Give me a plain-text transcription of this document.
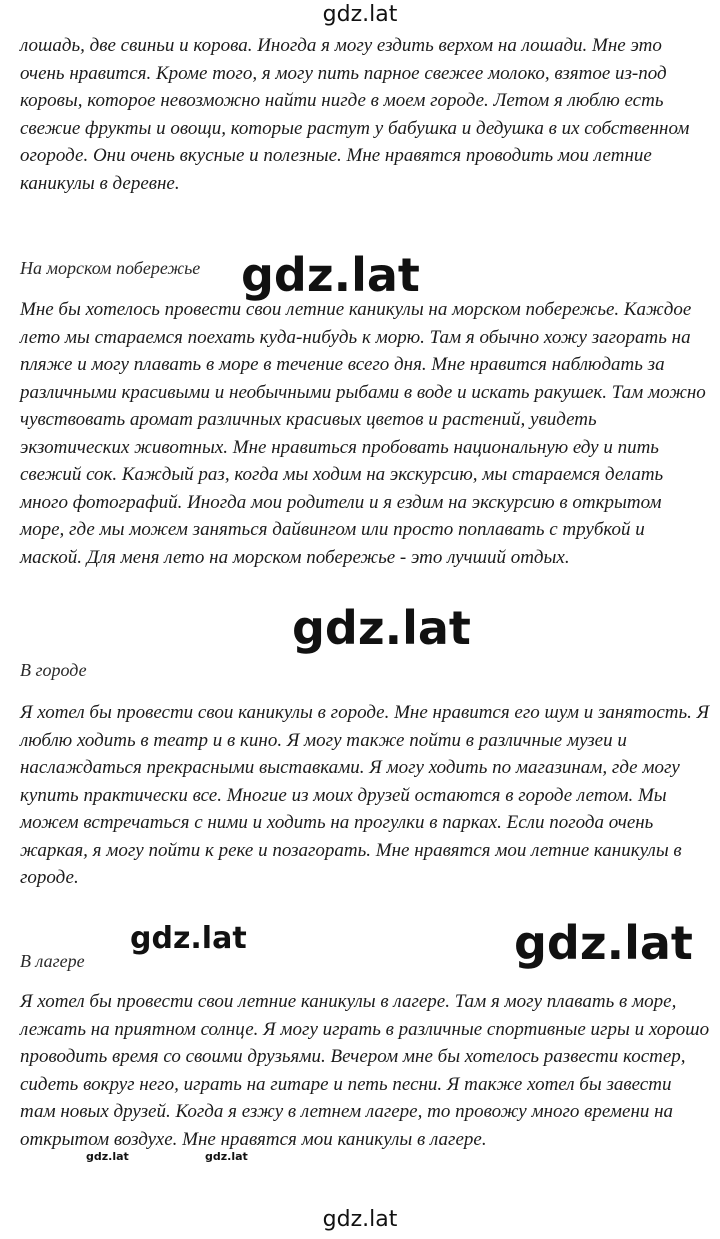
лошадь, две свиньи и корова. Иногда я могу ездить верхом на лошади. Мне это очень нравится. Кроме того, я могу пить парное свежее молоко, взятое из-под коровы, которое невозможно найти нигде в моем городе. Летом я люблю есть свежие фрукты и овощи, которые растут у бабушка и дедушка в их собственном огороде. Они очень вкусные и полезные. Мне нравятся проводить мои летние каникулы в деревне.

На морском побережье

Мне бы хотелось провести свои летние каникулы на морском побережье. Каждое лето мы стараемся поехать куда-нибудь к морю. Там я обычно хожу загорать на пляже и могу плавать в море в течение всего дня. Мне нравится наблюдать за различными красивыми и необычными рыбами в воде и искать ракушек. Там можно чувствовать аромат различных красивых цветов и растений, увидеть экзотических животных. Мне нравиться пробовать национальную еду и пить свежий сок. Каждый раз, когда мы ходим на экскурсию, мы стараемся делать много фотографий. Иногда мои родители и я ездим на экскурсию в открытом море, где мы можем заняться дайвингом или просто поплавать с трубкой и маской. Для меня лето на морском побережье - это лучший отдых.

В городе

Я хотел бы провести свои каникулы в городе. Мне нравится его шум и занятость. Я люблю ходить в театр и в кино. Я могу также пойти в различные музеи и наслаждаться прекрасными выставками. Я могу ходить по магазинам, где могу купить практически все. Многие из моих друзей остаются в городе летом. Мы можем встречаться с ними и ходить на прогулки в парках. Если погода очень жаркая, я могу пойти к реке и позагорать. Мне нравятся мои летние каникулы в городе.

В лагере

Я хотел бы провести свои летние каникулы в лагере. Там я могу плавать в море, лежать на приятном солнце. Я могу играть в различные спортивные игры и хорошо проводить время со своими друзьями. Вечером мне бы хотелось развести костер, сидеть вокруг него, играть на гитаре и петь песни. Я также хотел бы завести там новых друзей. Когда я езжу в летнем лагере, то провожу много времени на открытом воздухе. Мне нравятся мои каникулы в лагере.

gdz.lat
gdz.lat
gdz.lat
gdz.lat	gdz.lat
gdz.lat	gdz.lat
gdz.lat
